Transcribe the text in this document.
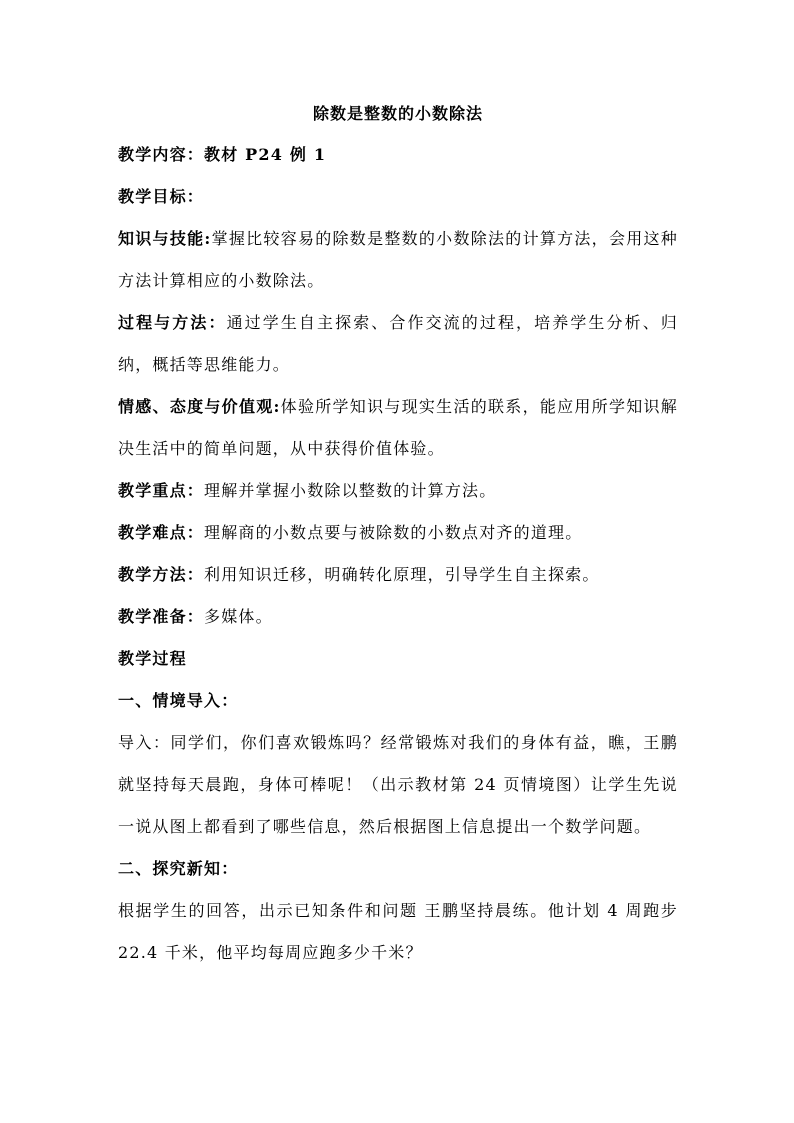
除数是整数的小数除法

教学内容：教材 P24 例 1

教学目标：

知识与技能:掌握比较容易的除数是整数的小数除法的计算方法，会用这种方法计算相应的小数除法。

过程与方法：通过学生自主探索、合作交流的过程，培养学生分析、归纳，概括等思维能力。

情感、态度与价值观:体验所学知识与现实生活的联系，能应用所学知识解决生活中的简单问题，从中获得价值体验。

教学重点：理解并掌握小数除以整数的计算方法。

教学难点：理解商的小数点要与被除数的小数点对齐的道理。

教学方法：利用知识迁移，明确转化原理，引导学生自主探索。

教学准备：多媒体。

教学过程

一、情境导入：

导入：同学们，你们喜欢锻炼吗？经常锻炼对我们的身体有益，瞧，王鹏就坚持每天晨跑，身体可棒呢！（出示教材第 24 页情境图）让学生先说一说从图上都看到了哪些信息，然后根据图上信息提出一个数学问题。

二、探究新知：

根据学生的回答，出示已知条件和问题 王鹏坚持晨练。他计划 4 周跑步 22.4 千米，他平均每周应跑多少千米？
